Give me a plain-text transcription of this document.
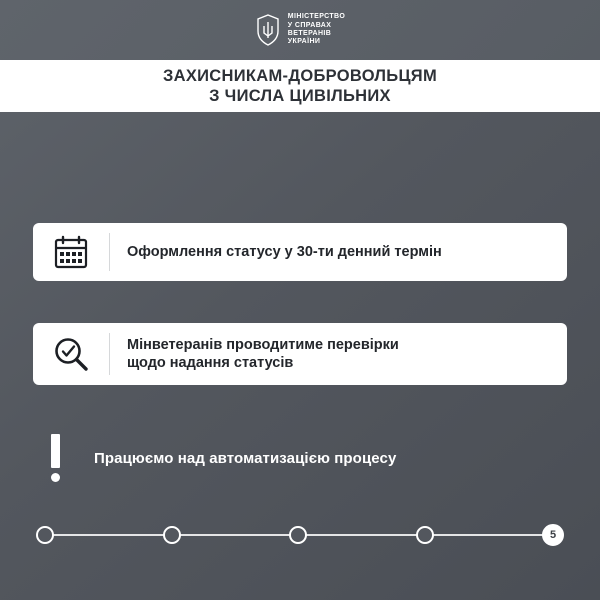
МІНІСТЕРСТВО
У СПРАВАХ
ВЕТЕРАНІВ
УКРАЇНИ
ЗАХИСНИКАМ-ДОБРОВОЛЬЦЯМ
З ЧИСЛА ЦИВІЛЬНИХ
Оформлення статусу у 30-ти денний термін
Мінветеранів проводитиме перевірки
щодо надання статусів
Працюємо над автоматизацією процесу
5
